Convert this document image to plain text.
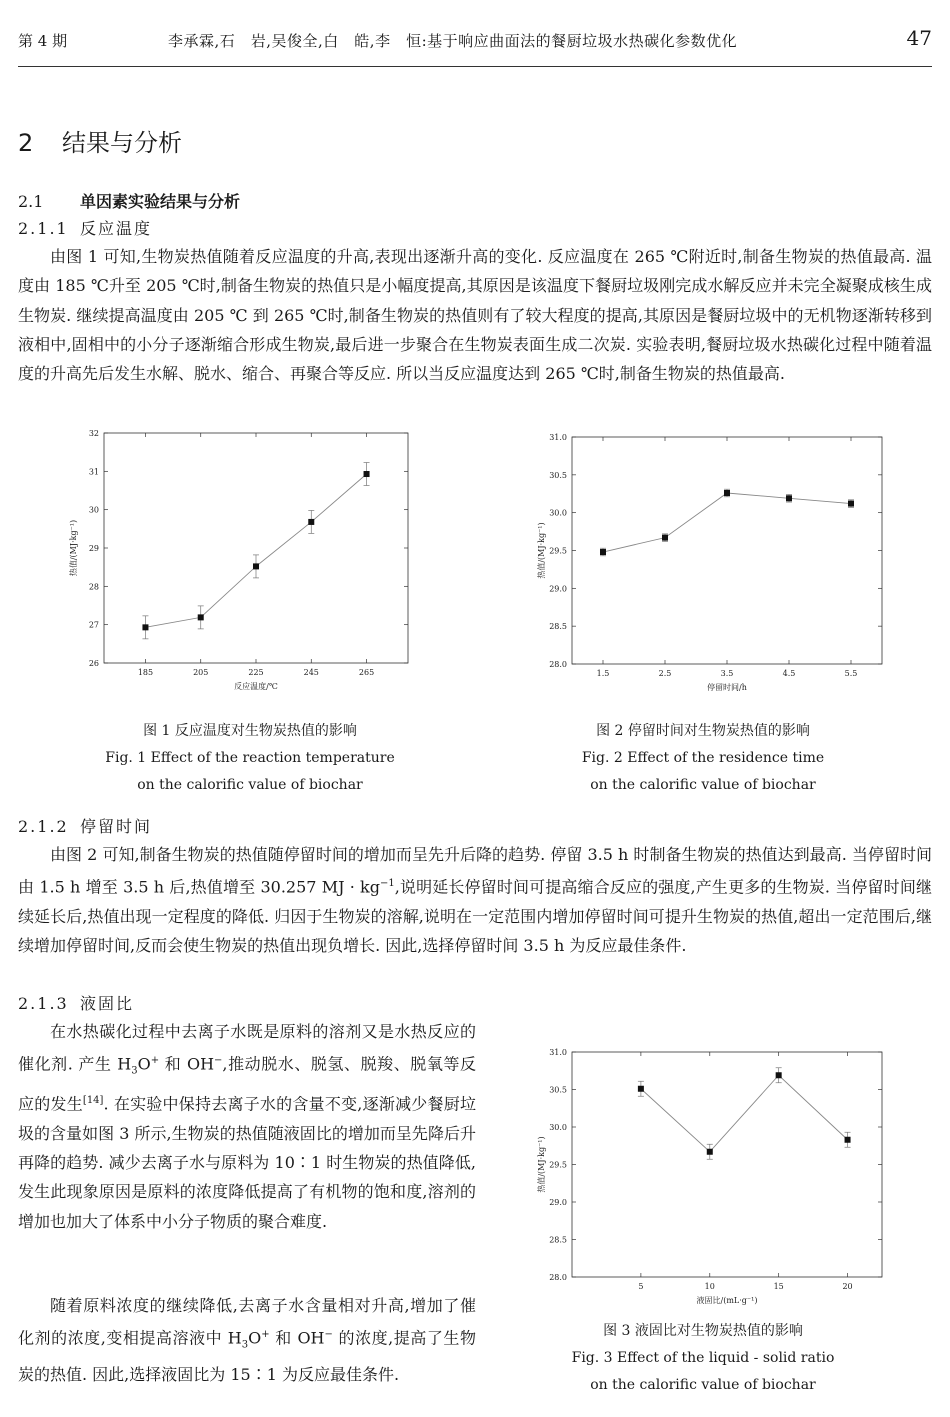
第 4 期	李承霖,石　岩,吴俊全,白　皓,李　恒:基于响应曲面法的餐厨垃圾水热碳化参数优化	47
2 结果与分析
2.1 单因素实验结果与分析
2.1.1 反应温度
由图 1 可知,生物炭热值随着反应温度的升高,表现出逐渐升高的变化. 反应温度在 265 ℃附近时,制备生物炭的热值最高. 温度由 185 ℃升至 205 ℃时,制备生物炭的热值只是小幅度提高,其原因是该温度下餐厨垃圾刚完成水解反应并未完全凝聚成核生成生物炭. 继续提高温度由 205 ℃ 到 265 ℃时,制备生物炭的热值则有了较大程度的提高,其原因是餐厨垃圾中的无机物逐渐转移到液相中,固相中的小分子逐渐缩合形成生物炭,最后进一步聚合在生物炭表面生成二次炭. 实验表明,餐厨垃圾水热碳化过程中随着温度的升高先后发生水解、脱水、缩合、再聚合等反应. 所以当反应温度达到 265 ℃时,制备生物炭的热值最高.
26
27
28
29
30
31
32
185	205	225	245	265
反应温度/℃
热值/(MJ·kg⁻¹)
图 1 反应温度对生物炭热值的影响
Fig. 1 Effect of the reaction temperature
on the calorific value of biochar
28.0
28.5
29.0
29.5
30.0
30.5
31.0
1.5	2.5	3.5	4.5	5.5
停留时间/h
热值/(MJ·kg⁻¹)
图 2 停留时间对生物炭热值的影响
Fig. 2 Effect of the residence time
on the calorific value of biochar
2.1.2 停留时间
由图 2 可知,制备生物炭的热值随停留时间的增加而呈先升后降的趋势. 停留 3.5 h 时制备生物炭的热值达到最高. 当停留时间由 1.5 h 增至 3.5 h 后,热值增至 30.257 MJ · $kg^{-1}$,说明延长停留时间可提高缩合反应的强度,产生更多的生物炭. 当停留时间继续延长后,热值出现一定程度的降低. 归因于生物炭的溶解,说明在一定范围内增加停留时间可提升生物炭的热值,超出一定范围后,继续增加停留时间,反而会使生物炭的热值出现负增长. 因此,选择停留时间 3.5 h 为反应最佳条件.
2.1.3 液固比
在水热碳化过程中去离子水既是原料的溶剂又是水热反应的催化剂. 产生 $H_3O^+$ 和 OH−,推动脱水、脱氢、脱羧、脱氧等反应的发生[14]. 在实验中保持去离子水的含量不变,逐渐减少餐厨垃圾的含量如图 3 所示,生物炭的热值随液固比的增加而呈先降后升再降的趋势. 减少去离子水与原料为 10∶1 时生物炭的热值降低,发生此现象原因是原料的浓度降低提高了有机物的饱和度,溶剂的增加也加大了体系中小分子物质的聚合难度.
随着原料浓度的继续降低,去离子水含量相对升高,增加了催化剂的浓度,变相提高溶液中 $H_3O^+$ 和 OH− 的浓度,提高了生物炭的热值. 因此,选择液固比为 15∶1 为反应最佳条件.
28.0
28.5
29.0
29.5
30.0
30.5
31.0
5	10	15	20
液固比/(mL·g⁻¹)
热值/(MJ·kg⁻¹)
图 3 液固比对生物炭热值的影响
Fig. 3 Effect of the liquid - solid ratio
on the calorific value of biochar
